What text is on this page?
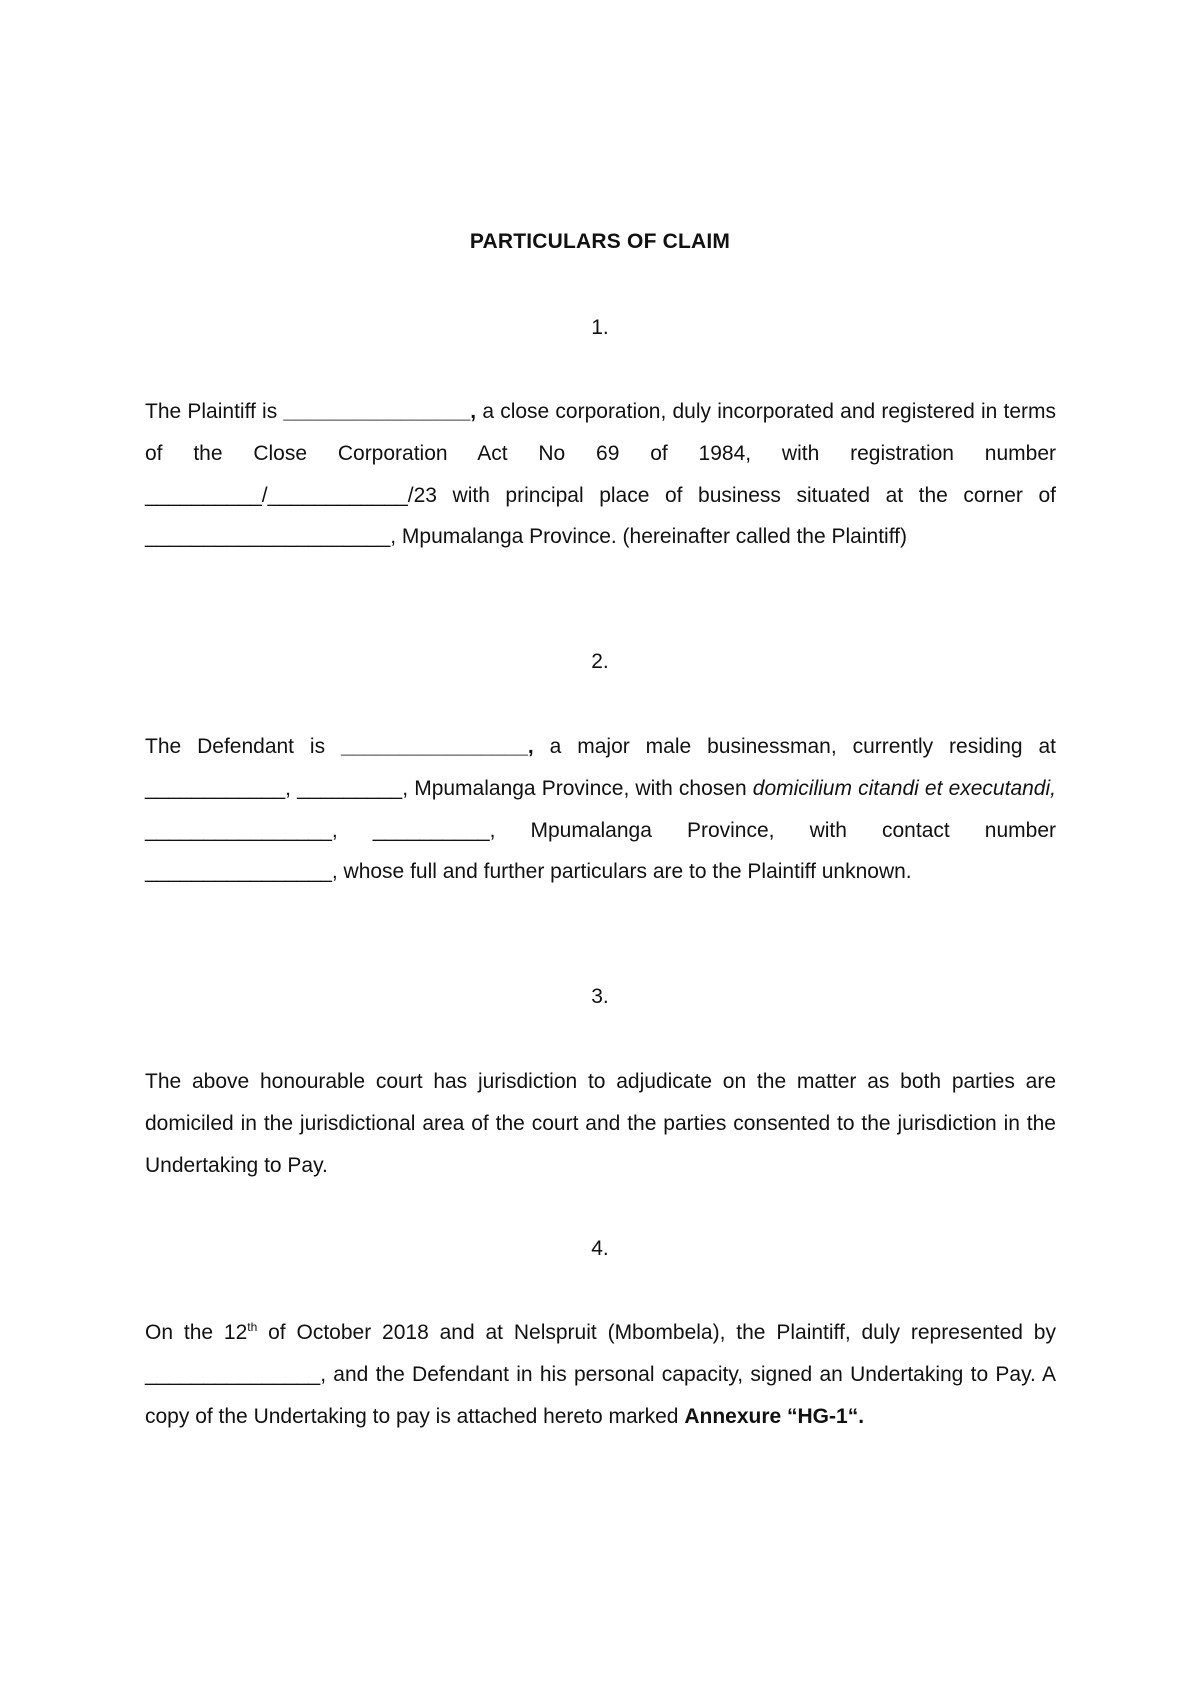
PARTICULARS OF CLAIM
1.
The Plaintiff is ________________, a close corporation, duly incorporated and registered in terms of the Close Corporation Act No 69 of 1984, with registration number __________/____________/23 with principal place of business situated at the corner of _____________________, Mpumalanga Province. (hereinafter called the Plaintiff)
2.
The Defendant is ________________, a major male businessman, currently residing at ____________, _________, Mpumalanga Province, with chosen domicilium citandi et executandi, ________________, __________, Mpumalanga Province, with contact number ________________, whose full and further particulars are to the Plaintiff unknown.
3.
The above honourable court has jurisdiction to adjudicate on the matter as both parties are domiciled in the jurisdictional area of the court and the parties consented to the jurisdiction in the Undertaking to Pay.
4.
On the 12th of October 2018 and at Nelspruit (Mbombela), the Plaintiff, duly represented by _______________, and the Defendant in his personal capacity, signed an Undertaking to Pay. A copy of the Undertaking to pay is attached hereto marked Annexure “HG-1“.
